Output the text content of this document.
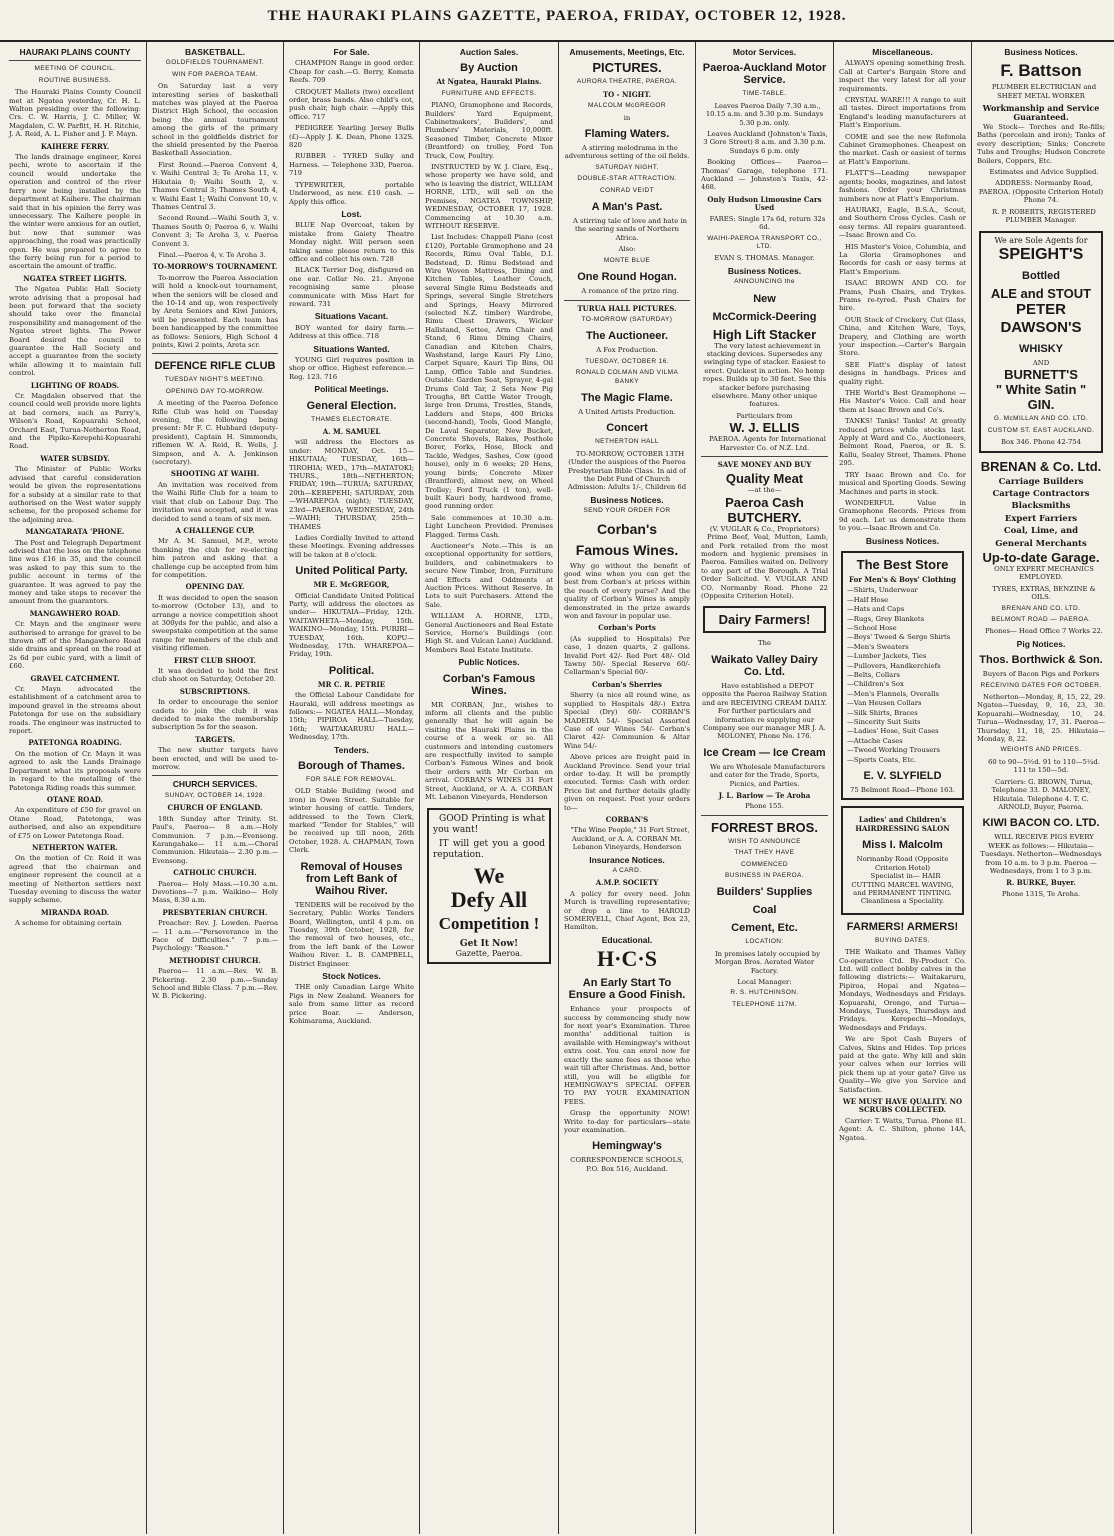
THE HAURAKI PLAINS GAZETTE, PAEROA, FRIDAY, OCTOBER 12, 1928.
HAURAKI PLAINS COUNTY
MEETING OF COUNCIL.
ROUTINE BUSINESS.

The Hauraki Plains County Council met at Ngatea yesterday, Cr. H. L. Walton presiding over the following: Crs. C. W. Harris, J. C. Miller, W. Magdalen, C. W. Parfitt, H. H. Ritchie, J. A. Reid, A. L. Fisher and J. F. Mayn.

KAIHERE FERRY.

The lands drainage engineer, Korei pechi, wrote to ascertain if the council would undertake the operation and control of the river ferry now being installed by the department at Kaihere. The chairman said that in his opinion the ferry was unnecessary. The Kaihere people in the winter were anxious for an outlet, but now that summer was approaching, the road was practically open. He was prepared to agree to the ferry being run for a period to ascertain the amount of traffic.

NGATEA STREET LIGHTS.

The Ngatea Public Hall Society wrote advising that a proposal had been put forward that the society should take over the financial responsibility and management of the Ngatea street lights. The Power Board desired the council to guarantee the Hall Society and accept a guarantee from the society while allowing it to maintain full control.

LIGHTING OF ROADS.

Cr. Magdalen observed that the council could well provide more lights at bad corners, such as Parry's, Wilson's Road, Kopuarahi School, Orchard East, Turua-Netherton Road, and the Pipiko-Kerepehi-Kopuarahi Road.

WATER SUBSIDY.

The Minister of Public Works advised that careful consideration would be given the representations for a subsidy at a similar rate to that authorised on the West water supply scheme, for the proposed scheme for the adjoining area.

MANGATARATA 'PHONE.

The Post and Telegraph Department advised that the loss on the telephone line was £16 in 35, and the council was asked to pay this sum to the public account in terms of the guarantee. It was agreed to pay the money and take steps to recover the amount from the guarantors.

MANGAWHERO ROAD.

Cr. Mayn and the engineer were authorised to arrange for gravel to be thrown off of the Mangawhero Road side drains and spread on the road at 2s 6d per cubic yard, with a limit of £60.

GRAVEL CATCHMENT.

Cr. Mayn advocated the establishment of a catchment area to impound gravel in the streams about Patetonga for use on the subsidiary roads. The engineer was instructed to report.

PATETONGA ROADING.

On the motion of Cr. Mayn it was agreed to ask the Lands Drainage Department what its proposals were in regard to the metalling of the Patetonga Riding roads this summer.

OTANE ROAD.

An expenditure of £50 for gravel on Otane Road, Patetonga, was authorised, and also an expenditure of £75 on Lower Patetonga Road.

NETHERTON WATER.

On the motion of Cr. Reid it was agreed that the chairman and engineer represent the council at a meeting of Netherton settlers next Tuesday evening to discuss the water supply scheme.

MIRANDA ROAD.

A scheme for obtaining certain

BASKETBALL.
GOLDFIELDS TOURNAMENT.
WIN FOR PAEROA TEAM.

On Saturday last a very interesting series of basketball matches was played at the Paeroa District High School, the occasion being the annual tournament among the girls of the primary school in the goldfields district for the shield presented by the Paeroa Basketball Association.

First Round.—Paeroa Convent 4, v. Waihi Central 3; Te Aroha 11, v. Hikutaia 0; Waihi South 2, v. Thames Central 3; Thames South 4, v. Waihi East 1; Waihi Convent 10, v. Thames Central 3.

Second Round.—Waihi South 3, v. Thames South 0; Paeroa 6, v. Waihi Convent 3; Te Aroha 3, v. Paeroa Convent 3.

Final.—Paeroa 4, v. Te Aroha 3.

TO-MORROW'S TOURNAMENT.

To-morrow the Paeroa Association will hold a knock-out tournament, when the seniors will be closed and the 10-14 and up, won respectively by Areta Seniors and Kiwi Juniors, will be presented. Each team has been handicapped by the committee as follows: Seniors, High School 4 points, Kiwi 2 points, Areta scr.

DEFENCE RIFLE CLUB
TUESDAY NIGHT'S MEETING.
OPENING DAY TO-MORROW.

A meeting of the Paeroa Defence Rifle Club was held on Tuesday evening, the following being present: Mr F. C. Hubbard (deputy-president), Captain H. Simmonds, riflemen W. A. Reid, R. Wells, J. Simpson, and A. A. Jenkinson (secretary).

SHOOTING AT WAIHI.

An invitation was received from the Waihi Rifle Club for a team to visit that club on Labour Day. The invitation was accepted, and it was decided to send a team of six men.

A CHALLENGE CUP.

Mr A. M. Samuel, M.P., wrote thanking the club for re-electing him patron and asking that a challenge cup be accepted from him for competition.

OPENING DAY.

It was decided to open the season to-morrow (October 13), and to arrange a novice competition shoot at 300yds for the public, and also a sweepstake competition at the same range for members of the club and visiting riflemen.

FIRST CLUB SHOOT.

It was decided to hold the first club shoot on Saturday, October 20.

SUBSCRIPTIONS.

In order to encourage the senior cadets to join the club it was decided to make the membership subscription 5s for the season.

TARGETS.

The new shutter targets have been erected, and will be used to-morrow.

CHURCH SERVICES.
SUNDAY, OCTOBER 14, 1928.
CHURCH OF ENGLAND.

18th Sunday after Trinity. St. Paul's, Paeroa— 8 a.m.—Holy Communion. 7 p.m.—Evensong. Karangahake— 11 a.m.—Choral Communion. Hikutaia— 2.30 p.m.—Evensong.

CATHOLIC CHURCH.

Paeroa— Holy Mass.—10.30 a.m. Devotions—7 p.m. Waikino— Holy Mass, 8.30 a.m.

PRESBYTERIAN CHURCH.

Preacher: Rev. J. Lowden. Paeroa— 11 a.m.—"Perseverance in the Face of Difficulties." 7 p.m.—Psychology: "Reason."

METHODIST CHURCH.

Paeroa— 11 a.m.—Rev. W. B. Pickering. 2.30 p.m.—Sunday School and Bible Class. 7 p.m.—Rev. W. B. Pickering.

For Sale.

CHAMPION Range in good order. Cheap for cash.—G. Berry, Komata Reefs. 709

CROQUET Mallets (two) excellent order, brass bands. Also child's cot, push chair, high chair. —Apply this office. 717

PEDIGREE Yearling Jersey Bulls (£)—Apply J. K. Dean, Phone 132S. 820

RUBBER - TYRED Sulky and Harness. — Telephone 33D, Paeroa. 719

TYPEWRITER, portable Underwood, as new. £10 cash. —Apply this office.

Lost.

BLUE Nap Overcoat, taken by mistake from Gaiety Theatre Monday night. Will person seen taking same please return to this office and collect his own. 728

BLACK Terrier Dog, disfigured on one ear. Collar No. 21. Anyone recognising same please communicate with Miss Hart for reward. 731

Situations Vacant.

BOY wanted for dairy farm.— Address at this office. 718

Situations Wanted.

YOUNG Girl requires position in shop or office. Highest reference.—Reg. 123. 716

Political Meetings.
General Election.
THAMES ELECTORATE.
A. M. SAMUEL

will address the Electors as under: MONDAY, Oct. 15—HIKUTAIA; TUESDAY, 16th—TIROHIA; WED., 17th—MATATOKI; THURS., 18th—NETHERTON; FRIDAY, 19th—TURUA; SATURDAY, 20th—KEREPEHI; SATURDAY, 20th—WHAREPOA (night); TUESDAY, 23rd—PAEROA; WEDNESDAY, 24th—WAIHI; THURSDAY, 25th—THAMES

Ladies Cordially Invited to attend these Meetings. Evening addresses will be taken at 8 o'clock.

United Political Party.
MR E. McGREGOR,

Official Candidate United Political Party, will address the electors as under— HIKUTAIA—Friday, 12th. WAITAWHETA—Monday, 15th. WAIKINO—Monday, 15th. PURIRI—TUESDAY, 16th. KOPU—Wednesday, 17th. WHAREPOA—Friday, 19th.

Political.
MR C. R. PETRIE

the Official Labour Candidate for Hauraki, will address meetings as follows:— NGATEA HALL—Monday, 15th; PIPIROA HALL—Tuesday, 16th; WAITAKARURU HALL—Wednesday, 17th.

Tenders.
Borough of Thames.
FOR SALE FOR REMOVAL.

OLD Stable Building (wood and iron) in Owen Street. Suitable for winter housing of cattle. Tenders, addressed to the Town Clerk, marked "Tender for Stables," will be received up till noon, 26th October, 1928. A. CHAPMAN, Town Clerk.

Removal of Houses from Left Bank of Waihou River.

TENDERS will be received by the Secretary, Public Works Tenders Board, Wellington, until 4 p.m. on Tuesday, 30th October, 1928, for the removal of two houses, etc., from the left bank of the Lower Waihou River. L. B. CAMPBELL, District Engineer.

Stock Notices.

THE only Canadian Large White Pigs in New Zealand. Weaners for sale from same litter as record price Boar. — Anderson, Kohimarama, Auckland.

Auction Sales.
By Auction
At Ngatea, Hauraki Plains.
FURNITURE AND EFFECTS.

PIANO, Gramophone and Records, Builders' Yard Equipment, Cabinetmakers', Builders', and Plumbers' Materials, 10,000ft. Seasoned Timber, Concrete Mixer (Brantford) on trolley, Ford Ton Truck, Cow, Poultry.

INSTRUCTED by W. J. Clare, Esq., whose property we have sold, and who is leaving the district, WILLIAM HORNE, LTD., will sell on the Premises, NGATEA TOWNSHIP, WEDNESDAY, OCTOBER 17, 1928. Commencing at 10.30 a.m. WITHOUT RESERVE.

List Includes: Chappell Piano (cost £120), Portable Gramophone and 24 Records, Rimu Oval Table, D.I. Bedstead, D. Rimu Bedstead and Wire Woven Mattress, Dining and Kitchen Tables, Leather Couch, several Single Rimu Bedsteads and Springs, several Single Stretchers and Springs, Heavy Mirrored (selected N.Z. timber) Wardrobe, Rimu Chest Drawers, Wicker Hallstand, Settee, Arm Chair and Stand, 6 Rimu Dining Chairs, Canadian and Kitchen Chairs, Washstand, large Kauri Fly Lino, Carpet Square, Kauri Tip Bins, Oil Lamp, Office Table and Sundries. Outside: Garden Seat, Sprayer, 4-gal Drums Cold Tar, 2 Sets New Pig Troughs, 8ft Cattle Water Trough, large Iron Drums, Trestles, Stands, Ladders and Steps, 400 Bricks (second-hand), Tools, Good Mangle, De Laval Separator, New Bucket, Concrete Shovels, Rakes, Posthole Borer, Forks, Hose, Block and Tackle, Wedges, Sashes, Cow (good house), only in 6 weeks; 20 Hens, young birds; Concrete Mixer (Brantford), almost new, on Wheel Trolley; Ford Truck (1 ton), well-built Kauri body, hardwood frame, good running order.

Sale commences at 10.30 a.m. Light Luncheon Provided. Premises Flagged. Terms Cash.

Auctioneer's Note.—This is an exceptional opportunity for settlers, builders, and cabinetmakers to secure New Timber, Iron, Furniture and Effects and Oddments at Auction Prices. Without Reserve. In Lots to suit Purchasers. Attend the Sale.

WILLIAM A. HORNE, LTD., General Auctioneers and Real Estate Service, Horne's Buildings (cor. High St. and Vulcan Lane) Auckland. Members Real Estate Institute.

Public Notices.
Corban's Famous Wines.

MR CORBAN, Jnr., wishes to inform all clients and the public generally that he will again be visiting the Hauraki Plains in the course of a week or so. All customers and intending customers are respectfully invited to sample Corban's Famous Wines and book their orders with Mr Corban on arrival. CORBAN'S WINES 31 Fort Street, Auckland, or A. A. CORBAN Mt. Lebanon Vineyards, Henderson

GOOD Printing is what you want!

IT will get you a good reputation.

We
Defy All
Competition !
Get It Now!
Gazette, Paeroa.
Amusements, Meetings, Etc.
PICTURES.
AURORA THEATRE, PAEROA.
TO - NIGHT.
MALCOLM McGREGOR
in
Flaming Waters.

A stirring melodrama in the adventurous setting of the oil fields.

SATURDAY NIGHT.
DOUBLE-STAR ATTRACTION.
CONRAD VEIDT
A Man's Past.

A stirring tale of love and hate in the searing sands of Northern Africa.

Also:
MONTE BLUE
One Round Hogan.

A romance of the prize ring.

TURUA HALL PICTURES.
TO-MORROW (SATURDAY)
The Auctioneer.
A Fox Production.
TUESDAY, OCTOBER 16.
RONALD COLMAN AND VILMA BANKY
The Magic Flame.
A United Artists Production.
Concert
NETHERTON HALL

TO-MORROW, OCTOBER 13TH (Under the auspices of the Paeroa Presbyterian Bible Class. In aid of the Debt Fund of Church Admission: Adults 1/-, Children 6d

Business Notices.
SEND YOUR ORDER FOR
Corban's
Famous Wines.

Why go without the benefit of good wine when you can get the best from Corban's at prices within the reach of every purse? And the quality of Corban's Wines is amply demonstrated in the prize awards won and favour in popular use.

Corban's Ports

(As supplied to Hospitals) Per case, 1 dozen quarts, 2 gallons. Invalid Port 42/- Red Port 48/- Old Tawny 50/- Special Reserve 60/- Cellarman's Special 60/-

Corban's Sherries

Sherry (a nice all round wine, as supplied to Hospitals 48/-) Extra Special (Dry) 60/- CORBAN'S MADEIRA 54/- Special Assorted Case of our Wines 54/- Corban's Claret 42/- Communion & Altar Wine 54/-

Above prices are freight paid in Auckland Province. Send your trial order to-day. It will be promptly executed. Terms: Cash with order. Price list and further details gladly given on request. Post your orders to—

CORBAN'S

"The Wine People," 31 Fort Street, Auckland, or A. A. CORBAN Mt. Lebanon Vineyards, Henderson

Insurance Notices.
A CARD.
A.M.P. SOCIETY

A policy for every need. John Murch is travelling representative; or drop a line to HAROLD SOMERVELL, Chief Agent, Box 23, Hamilton.

Educational.
H·C·S
An Early Start To Ensure a Good Finish.

Enhance your prospects of success by commencing study now for next year's Examination. Three months' additional tuition is available with Hemingway's without extra cost. You can enrol now for exactly the same fees as those who wait till after Christmas. And, better still, you will be eligible for HEMINGWAY'S SPECIAL OFFER TO PAY YOUR EXAMINATION FEES.

Grasp the opportunity NOW! Write to-day for particulars—state your examination.

Hemingway's
CORRESPONDENCE SCHOOLS, P.O. Box 516, Auckland.
Motor Services.
Paeroa-Auckland Motor Service.
TIME-TABLE.

Leaves Paeroa Daily 7.30 a.m., 10.15 a.m. and 5.30 p.m. Sundays 5.30 p.m. only.

Leaves Auckland (Johnston's Taxis, 3 Gore Street) 8 a.m. and 3.30 p.m. Sundays 6 p.m. only

Booking Offices— Paeroa—Thomas' Garage, telephone 171. Auckland — Johnston's Taxis, 42-468.

Only Hudson Limousine Cars Used

FARES: Single 17s 6d, return 32s 6d.

WAIHI-PAEROA TRANSPORT CO., LTD.
EVAN S. THOMAS. Manager.
Business Notices.
ANNOUNCING the
New
McCormick-Deering
High Lift Stacker

The very latest achievement in stacking devices. Supersedes any swinging type of stacker. Easiest to erect. Quickest in action. No hemp ropes. Builds up to 30 feet. See this stacker before purchasing elsewhere. Many other unique features.

Particulars from
W. J. ELLIS

PAEROA. Agents for International Harvester Co. of N.Z. Ltd.

SAVE MONEY AND BUY
Quality Meat
—at the—
Paeroa Cash BUTCHERY.
(V. VUGLAR & Co., Proprietors)

Prime Beef, Veal, Mutton, Lamb, and Pork retailed from the most modern and hygienic premises in Paeroa. Families waited on. Delivery to any part of the Borough. A Trial Order Solicited. V. VUGLAR AND CO. Normanby Road. Phone 22 (Opposite Criterion Hotel).

Dairy Farmers!
The
Waikato Valley Dairy Co. Ltd.

Have established a DEPOT opposite the Paeroa Railway Station and are RECEIVING CREAM DAILY. For further particulars and information re supplying our Company see our manager MR J. A. MOLONEY, Phone No. 176.

Ice Cream — Ice Cream

We are Wholesale Manufacturers and cater for the Trade, Sports, Picnics, and Parties.

J. L. Barlow — Te Aroha
Phone 155.
FORREST BROS.
WISH TO ANNOUNCE
THAT THEY HAVE
COMMENCED
BUSINESS IN PAEROA.
Builders' Supplies
Coal
Cement, Etc.
LOCATION:

In premises lately occupied by Morgan Bros. Aerated Water Factory.

Local Manager:
R. S. HUTCHINSON.
TELEPHONE 117M.
Miscellaneous.

ALWAYS opening something fresh. Call at Carter's Bargain Store and inspect the very latest for all your requirements.

CRYSTAL WARE!!! A range to suit all tastes. Direct importations from England's leading manufacturers at Flatt's Emporium.

COME and see the new Refonola Cabinet Gramophones. Cheapest on the market. Cash or easiest of terms at Flatt's Emporium.

FLATT'S—Leading newspaper agents; books, magazines, and latest fashions. Order your Christmas numbers now at Flatt's Emporium.

HAURAKI, Eagle, B.S.A., Scout, and Southern Cross Cycles. Cash or easy terms. All repairs guaranteed.—Isaac Brown and Co.

HIS Master's Voice, Columbia, and La Gloria Gramophones and Records for cash or easy terms at Flatt's Emporium.

ISAAC BROWN AND CO. for Prams, Push Chairs, and Trykes. Prams re-tyred. Push Chairs for hire.

OUR Stock of Crockery, Cut Glass, China, and Kitchen Ware, Toys, Drapery, and Clothing are worth your inspection.—Carter's Bargain Store.

SEE Flatt's display of latest designs in handbags. Prices and quality right.

THE World's Best Gramophone —His Master's Voice. Call and hear them at Isaac Brown and Co's.

TANKS! Tanks! Tanks! At greatly reduced prices while stocks last. Apply at Ward and Co., Auctioneers, Belmont Road, Paeroa, or R. S. Kallu, Sealey Street, Thames. Phone 295.

TRY Isaac Brown and Co. for musical and Sporting Goods. Sewing Machines and parts in stock.

WONDERFUL Value in Gramophone Records. Prices from 9d each. Let us demonstrate them to you.—Isaac Brown and Co.

Business Notices.
The Best Store
For Men's & Boys' Clothing
—Shirts, Underwear
—Half Hose
—Hats and Caps
—Rugs, Grey Blankets
—School Hose
—Boys' Tweed & Serge Shirts
—Men's Sweaters
—Lumber Jackets, Ties
—Pullovers, Handkerchiefs
—Belts, Collars
—Children's Sox
—Men's Flannels, Overalls
—Van Heusen Collars
—Silk Shirts, Braces
—Sincerity Suit Suits
—Ladies' Hose, Suit Cases
—Attache Cases
—Tweed Working Trousers
—Sports Coats, Etc.
E. V. SLYFIELD
75 Belmont Road—Phone 163.
Ladies' and Children's HAIRDRESSING SALON
Miss I. Malcolm
Normanby Road (Opposite Criterion Hotel)

Specialist in— HAIR CUTTING MARCEL WAVING, and PERMANENT TINTING. Cleanliness a Speciality.

FARMERS! ARMERS!
BUYING DATES.

THE Waikato and Thames Valley Co-operative Ctd. By-Product Co. Ltd. will collect bobby calves in the following districts:— Waitakaruru, Pipiroa, Hopai and Ngatea—Mondays, Wednesdays and Fridays. Kopuarahi, Orongo, and Turua—Mondays, Tuesdays, Thursdays and Fridays. Kerepechi—Mondays, Wednesdays and Fridays.

We are Spot Cash Buyers of Calves, Skins and Hides. Top prices paid at the gate. Why kill and skin your calves when our lorries will pick them up at your gate? Give us Quality—We give you Service and Satisfaction.

WE MUST HAVE QUALITY. NO SCRUBS COLLECTED.

Carrier: T. Watts, Turua. Phone 81. Agent: A. C. Shilton, phone 14A, Ngatea.

Business Notices.
F. Battson

PLUMBER ELECTRICIAN and SHEET METAL WORKER

Workmanship and Service Guaranteed.

We Stock— Torches and Re-fills; Baths (porcelain and iron); Tanks of every description; Sinks; Concrete Tubs and Troughs; Hudson Concrete Boilers, Coppers, Etc.

Estimates and Advice Supplied.

ADDRESS: Normanby Road, PAEROA. (Opposite Criterion Hotel) Phone 74.

R. P. ROBERTS, REGISTERED PLUMBER Manager.

We are Sole Agents for
SPEIGHT'S
Bottled
ALE and STOUT
PETER
DAWSON'S
WHISKY
AND
BURNETT'S
" White Satin "
GIN.
G. McMILLAN AND CO. LTD.
CUSTOM ST. EAST AUCKLAND.
Box 346. Phone 42-754
BRENAN & Co. Ltd.
Carriage Builders
Cartage Contractors
Blacksmiths
Expert Farriers
Coal, Lime, and
General Merchants
Up-to-date Garage.

ONLY EXPERT MECHANICS EMPLOYED.

TYRES, EXTRAS, BENZINE & OILS.

BRENAN AND CO. LTD.
BELMONT ROAD — PAEROA.

Phones— Head Office 7 Works 22.

Pig Notices.
Thos. Borthwick & Son.
Buyers of Bacon Pigs and Porkers
RECEIVING DATES FOR OCTOBER.

Netherton—Monday, 8, 15, 22, 29. Ngatea—Tuesday, 9, 16, 23, 30. Kopuarahi—Wednesday, 10, 24. Turua—Wednesday, 17, 31. Paeroa—Thursday, 11, 18, 25. Hikutaia—Monday, 8, 22.

WEIGHTS AND PRICES.

60 to 90—5½d. 91 to 110—5¼d. 111 to 150—5d.

Carriers: G. BROWN, Turua, Telephone 33. D. MALONEY, Hikutaia. Telephone 4. T. C. ARNOLD, Buyer, Paeroa.

KIWI BACON CO. LTD.

WILL RECEIVE PIGS EVERY WEEK as follows:— Hikutaia—Tuesdays. Netherton—Wednesdays from 10 a.m. to 3 p.m. Paeroa — Wednesdays, from 1 to 3 p.m.

R. BURKE, Buyer.
Phone 131S, Te Aroha.
